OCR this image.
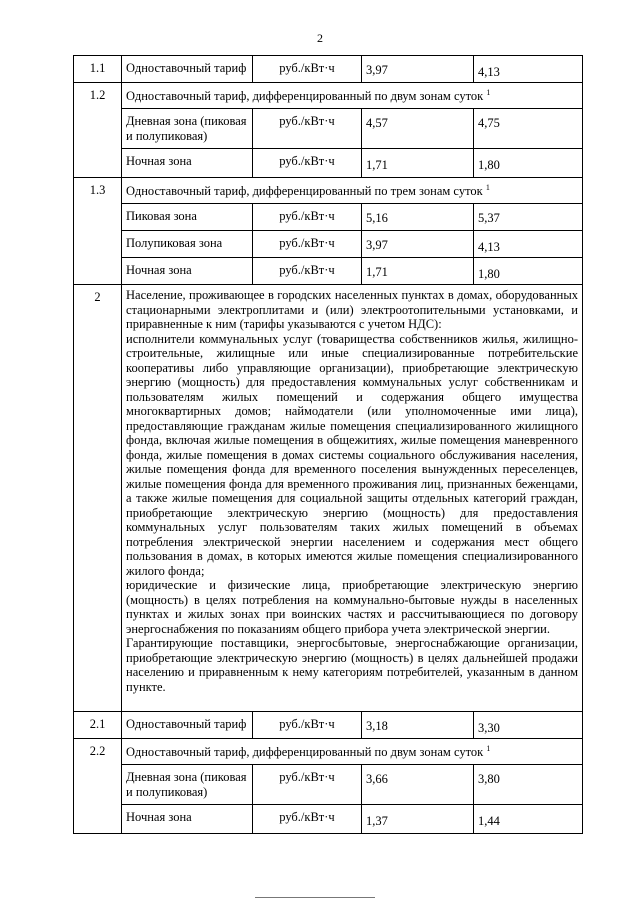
2
1.1	Одноставочный тариф	руб./кВт·ч	3,97	4,13
1.2	Одноставочный тариф, дифференцированный по двум зонам суток $^1$
	Дневная зона (пиковая и полупиковая)	руб./кВт·ч	4,57	4,75
	Ночная зона	руб./кВт·ч	1,71	1,80
1.3	Одноставочный тариф, дифференцированный по трем зонам суток $^1$
	Пиковая зона	руб./кВт·ч	5,16	5,37
	Полупиковая зона	руб./кВт·ч	3,97	4,13
	Ночная зона	руб./кВт·ч	1,71	1,80
2	Население, проживающее в городских населенных пунктах в домах, оборудованных стационарными электроплитами и (или) электроотопительными установками, и приравненные к ним (тарифы указываются с учетом НДС):

исполнители коммунальных услуг (товарищества собственников жилья, жилищно-строительные, жилищные или иные специализированные потребительские кооперативы либо управляющие организации), приобретающие электрическую энергию (мощность) для предоставления коммунальных услуг собственникам и пользователям жилых помещений и содержания общего имущества многоквартирных домов; наймодатели (или уполномоченные ими лица), предоставляющие гражданам жилые помещения специализированного жилищного фонда, включая жилые помещения в общежитиях, жилые помещения маневренного фонда, жилые помещения в домах системы социального обслуживания населения, жилые помещения фонда для временного поселения вынужденных переселенцев, жилые помещения фонда для временного проживания лиц, признанных беженцами, а также жилые помещения для социальной защиты отдельных категорий граждан, приобретающие электрическую энергию (мощность) для предоставления коммунальных услуг пользователям таких жилых помещений в объемах потребления электрической энергии населением и содержания мест общего пользования в домах, в которых имеются жилые помещения специализированного жилого фонда;

юридические и физические лица, приобретающие электрическую энергию (мощность) в целях потребления на коммунально-бытовые нужды в населенных пунктах и жилых зонах при воинских частях и рассчитывающиеся по договору энергоснабжения по показаниям общего прибора учета электрической энергии.

Гарантирующие поставщики, энергосбытовые, энергоснабжающие организации, приобретающие электрическую энергию (мощность) в целях дальнейшей продажи населению и приравненным к нему категориям потребителей, указанным в данном пункте.			

2.1	Одноставочный тариф	руб./кВт·ч	3,18	3,30
2.2	Одноставочный тариф, дифференцированный по двум зонам суток $^1$
	Дневная зона (пиковая и полупиковая)	руб./кВт·ч	3,66	3,80
	Ночная зона	руб./кВт·ч	1,37	1,44
